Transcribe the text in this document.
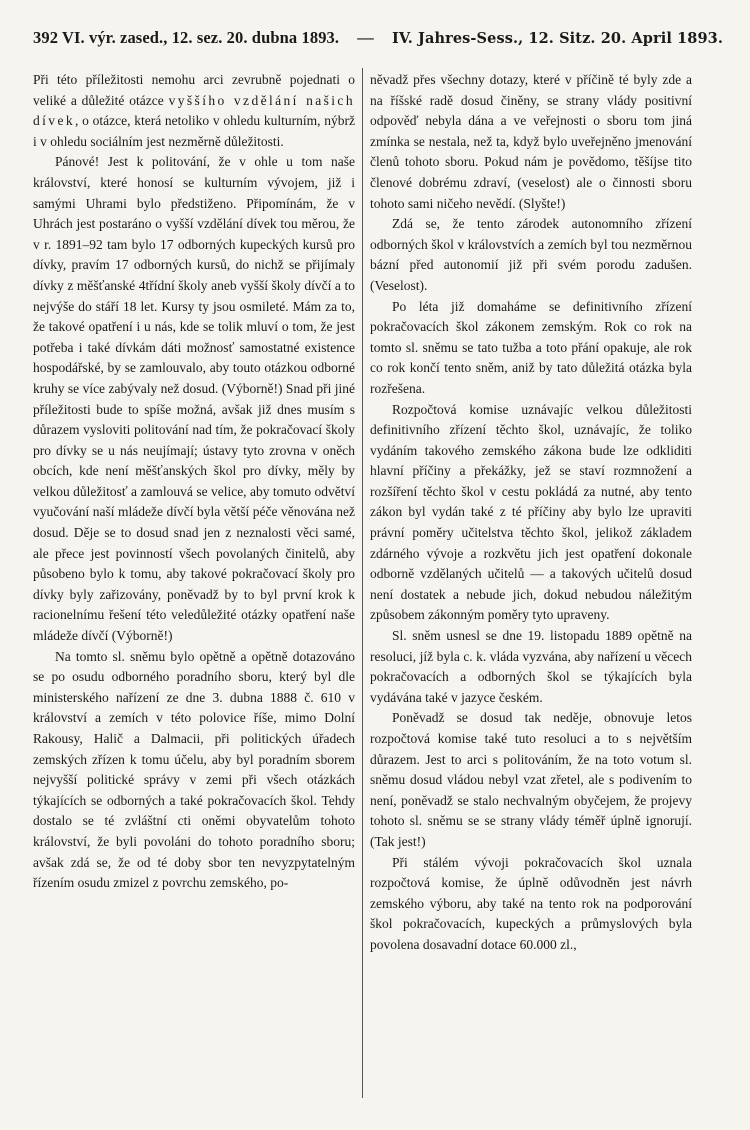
392 VI. výr. zased., 12. sez. 20. dubna 1893. — IV. Jahres-Sess., 12. Sitz. 20. April 1893.

Při této příležitosti nemohu arci zevrubně pojednati o veliké a důležité otázce vyššího vzdělání našich dívek, o otázce, která netoliko v ohledu kulturním, nýbrž i v ohledu sociálním jest nezměrně důležitosti.

Pánové! Jest k politování, že v ohle u tom naše království, které honosí se kulturním vývojem, již i samými Uhrami bylo předstiženo. Připomínám, že v Uhrách jest postaráno o vyšší vzdělání dívek tou měrou, že v r. 1891–92 tam bylo 17 odborných kupeckých kursů pro dívky, pravím 17 odborných kursů, do nichž se přijímaly dívky z měšťanské 4třídní školy aneb vyšší školy dívčí a to nejvýše do stáří 18 let. Kursy ty jsou osmileté. Mám za to, že takové opatření i u nás, kde se tolik mluví o tom, že jest potřeba i také dívkám dáti možnosť samostatné existence hospodářské, by se zamlouvalo, aby touto otázkou odborné kruhy se více zabývaly než dosud. (Výborně!) Snad při jiné příležitosti bude to spíše možná, avšak již dnes musím s důrazem vysloviti politování nad tím, že pokračovací školy pro dívky se u nás neujímají; ústavy tyto zrovna v oněch obcích, kde není měšťanských škol pro dívky, měly by velkou důležitosť a zamlouvá se velice, aby tomuto odvětví vyučování naší mládeže dívčí byla větší péče věnována než dosud. Děje se to dosud snad jen z neznalosti věci samé, ale přece jest povinností všech povolaných činitelů, aby působeno bylo k tomu, aby takové pokračovací školy pro dívky byly zařizovány, poněvadž by to byl první krok k racionelnímu řešení této veledůležité otázky opatření naše mládeže dívčí (Výborně!)

Na tomto sl. sněmu bylo opětně a opětně dotazováno se po osudu odborného poradního sboru, který byl dle ministerského nařízení ze dne 3. dubna 1888 č. 610 v království a zemích v této polovice říše, mimo Dolní Rakousy, Halič a Dalmacii, při politických úřadech zemských zřízen k tomu účelu, aby byl poradním sborem nejvyšší politické správy v zemi při všech otázkách týkajících se odborných a také pokračovacích škol. Tehdy dostalo se té zvláštní cti oněmi obyvatelům tohoto království, že byli povoláni do tohoto poradního sboru; avšak zdá se, že od té doby sbor ten nevyzpytatelným řízením osudu zmizel z povrchu zemského, po-

něvadž přes všechny dotazy, které v příčině té byly zde a na říšské radě dosud činěny, se strany vlády positivní odpověď nebyla dána a ve veřejnosti o sboru tom jiná zmínka se nestala, než ta, když bylo uveřejněno jmenování členů tohoto sboru. Pokud nám je povědomo, těšíjse tito členové dobrému zdraví, (veselost) ale o činnosti sboru tohoto sami ničeho nevědí. (Slyšte!)

Zdá se, že tento zárodek autonomního zřízení odborných škol v královstvích a zemích byl tou nezměrnou bázní před autonomií již při svém porodu zadušen. (Veselost).

Po léta již domaháme se definitivního zřízení pokračovacích škol zákonem zemským. Rok co rok na tomto sl. sněmu se tato tužba a toto přání opakuje, ale rok co rok končí tento sněm, aniž by tato důležitá otázka byla rozřešena.

Rozpočtová komise uznávajíc velkou důležitosti definitivního zřízení těchto škol, uznávajíc, že toliko vydáním takového zemského zákona bude lze odkliditi hlavní příčiny a překážky, jež se staví rozmnožení a rozšíření těchto škol v cestu pokládá za nutné, aby tento zákon byl vydán také z té příčiny aby bylo lze upraviti právní poměry učitelstva těchto škol, jelikož základem zdárného vývoje a rozkvětu jich jest opatření dokonale odborně vzdělaných učitelů — a takových učitelů dosud není dostatek a nebude jich, dokud nebudou náležitým způsobem zákonným poměry tyto upraveny.

Sl. sněm usnesl se dne 19. listopadu 1889 opětně na resoluci, jíž byla c. k. vláda vyzvána, aby nařízení u věcech pokračovacích a odborných škol se týkajících byla vydávána také v jazyce českém.

Poněvadž se dosud tak neděje, obnovuje letos rozpočtová komise také tuto resoluci a to s největším důrazem. Jest to arci s politováním, že na toto votum sl. sněmu dosud vládou nebyl vzat zřetel, ale s podivením to není, poněvadž se stalo nechvalným obyčejem, že projevy tohoto sl. sněmu se se strany vlády téměř úplně ignorují. (Tak jest!)

Při stálém vývoji pokračovacích škol uznala rozpočtová komise, že úplně odůvodněn jest návrh zemského výboru, aby také na tento rok na podporování škol pokračovacích, kupeckých a průmyslových byla povolena dosavadní dotace 60.000 zl.,
